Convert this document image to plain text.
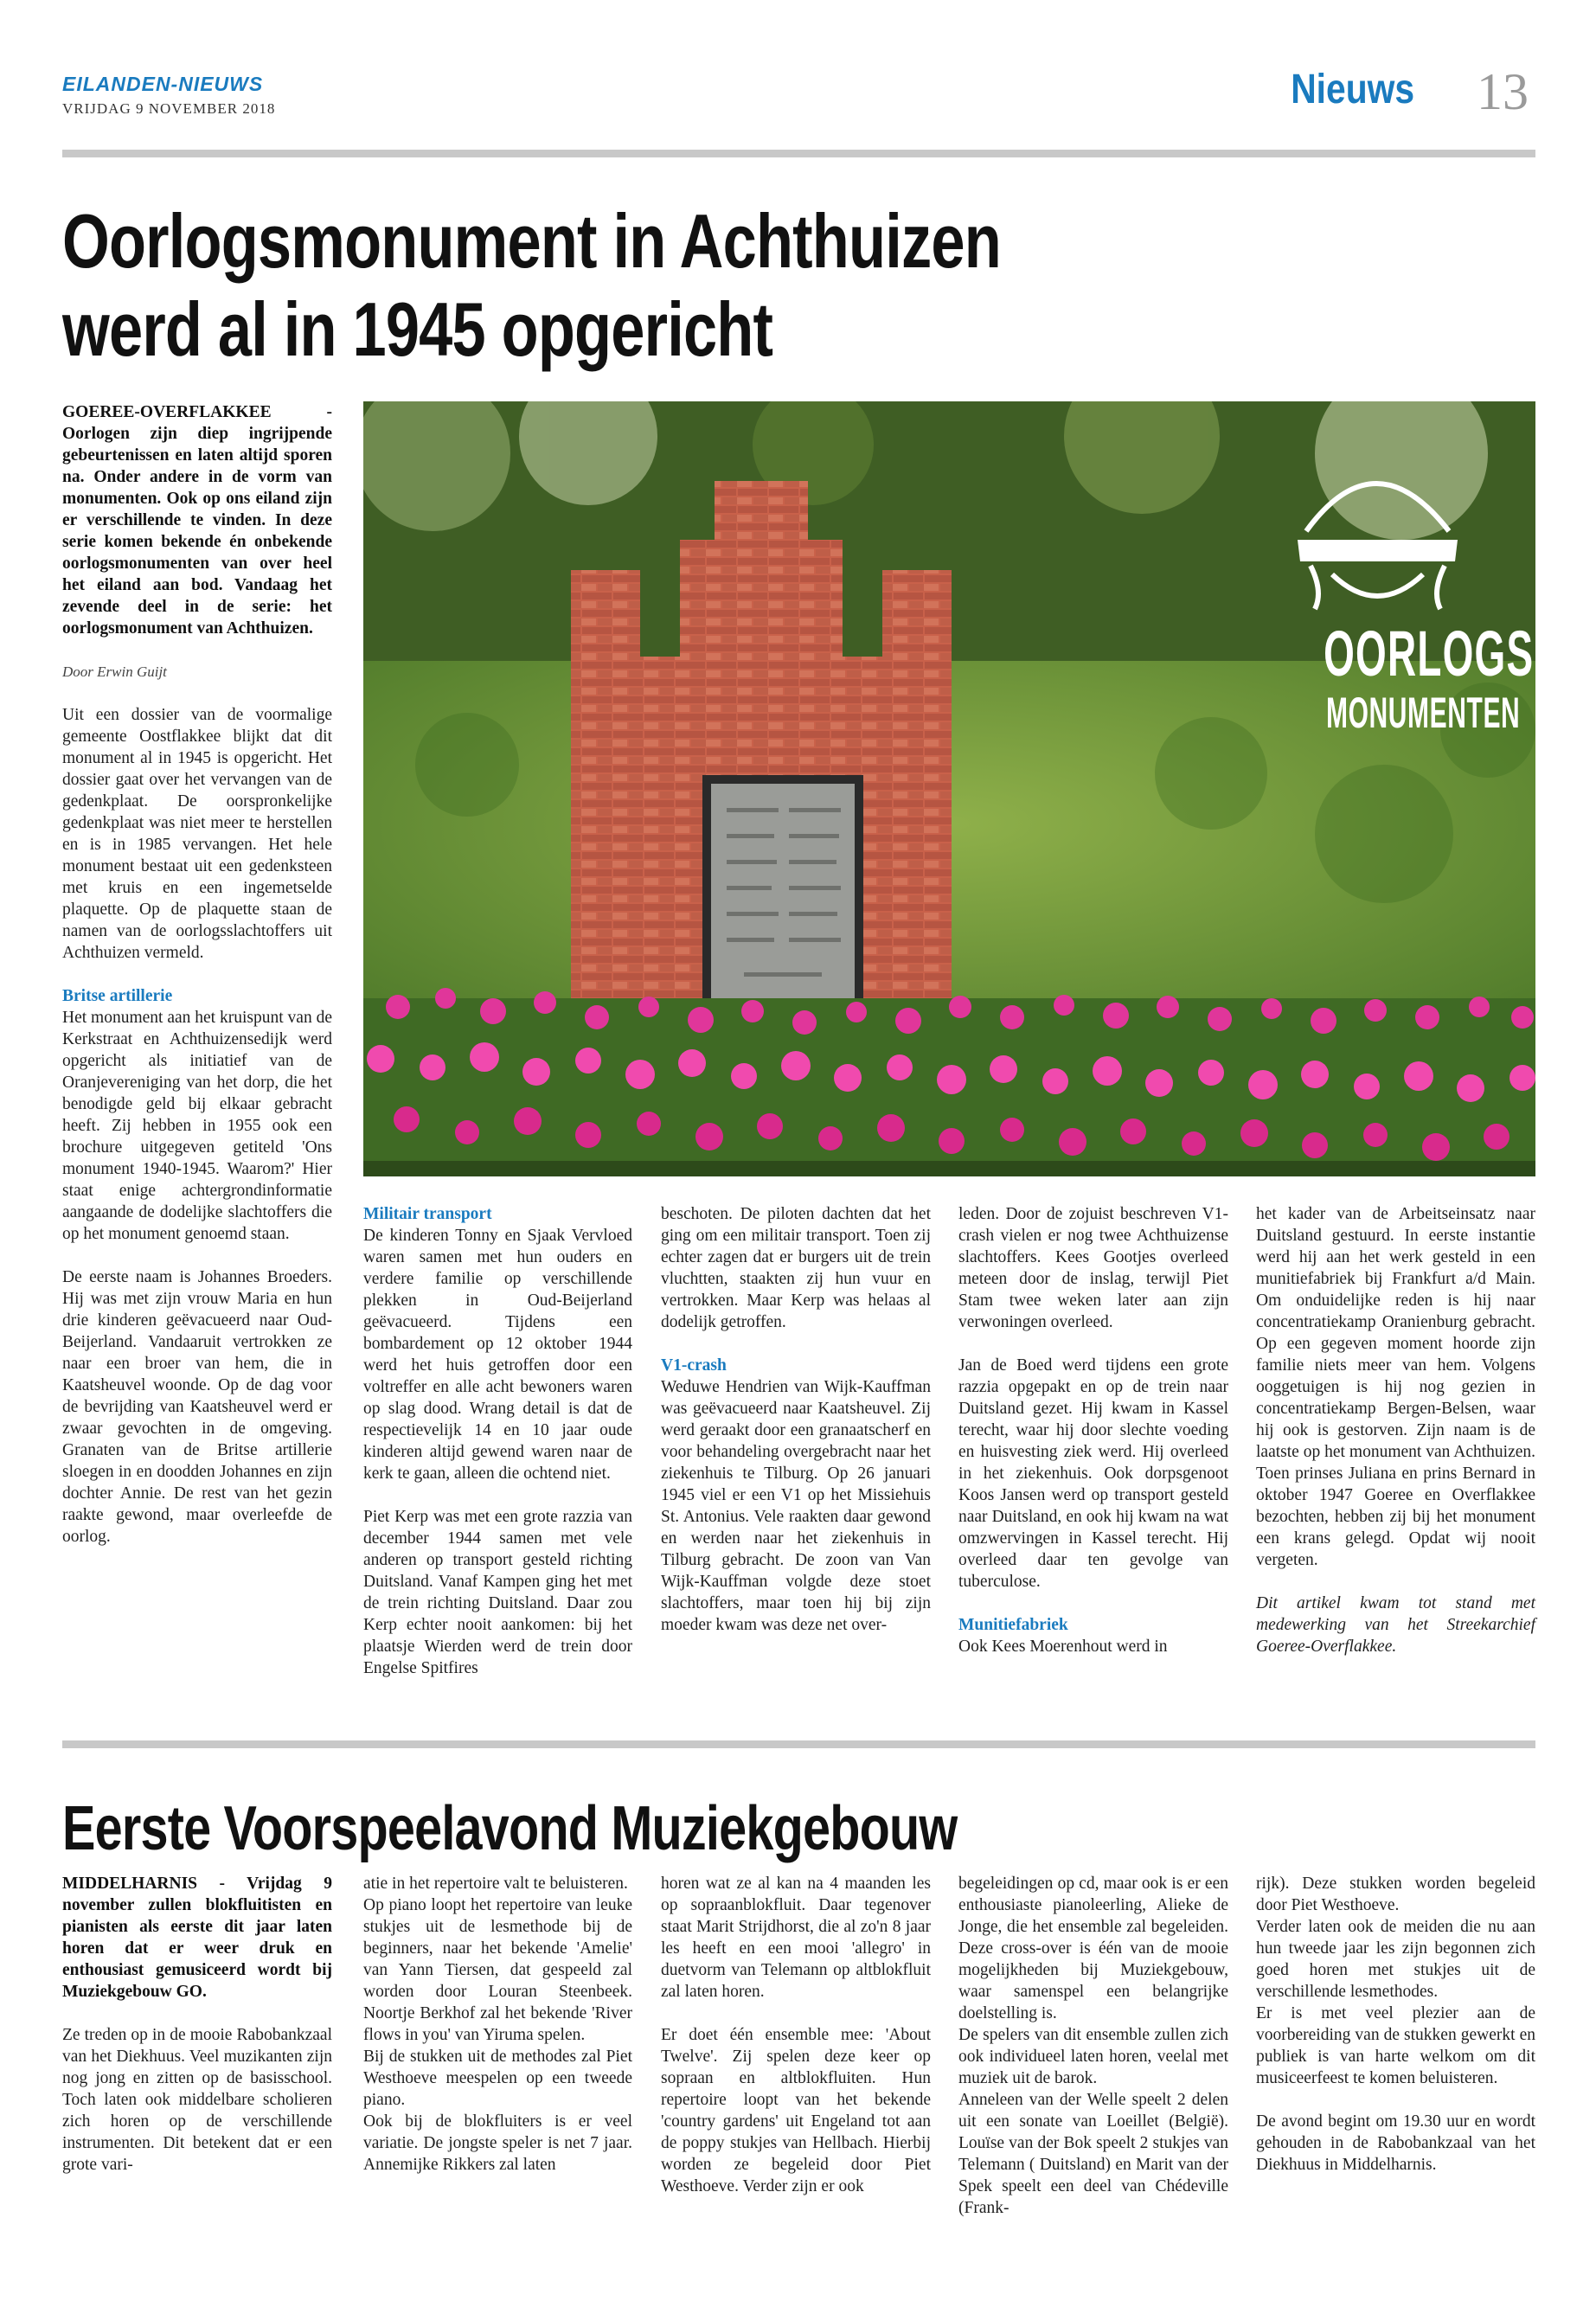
EILANDEN-NIEUWS
VRIJDAG 9 NOVEMBER 2018	Nieuws 13
Oorlogsmonument in Achthuizen
werd al in 1945 opgericht

GOEREE-OVERFLAKKEE - Oorlogen zijn diep ingrijpende gebeurtenissen en laten altijd sporen na. Onder andere in de vorm van monumenten. Ook op ons eiland zijn er verschillende te vinden. In deze serie komen bekende én onbekende oorlogsmonumenten van over heel het eiland aan bod. Vandaag het zevende deel in de serie: het oorlogsmonument van Achthuizen.

Door Erwin Guijt

Uit een dossier van de voormalige gemeente Oostflakkee blijkt dat dit monument al in 1945 is opgericht. Het dossier gaat over het vervangen van de gedenkplaat. De oorspronkelijke gedenkplaat was niet meer te herstellen en is in 1985 vervangen. Het hele monument bestaat uit een gedenksteen met kruis en een ingemetselde plaquette. Op de plaquette staan de namen van de oorlogsslachtoffers uit Achthuizen vermeld.

Britse artillerie

Het monument aan het kruispunt van de Kerkstraat en Achthuizensedijk werd opgericht als initiatief van de Oranjevereniging van het dorp, die het benodigde geld bij elkaar gebracht heeft. Zij hebben in 1955 ook een brochure uitgegeven getiteld 'Ons monument 1940-1945. Waarom?' Hier staat enige achtergrondinformatie aangaande de dodelijke slachtoffers die op het monument genoemd staan.

De eerste naam is Johannes Broeders. Hij was met zijn vrouw Maria en hun drie kinderen geëvacueerd naar Oud-Beijerland. Vandaaruit vertrokken ze naar een broer van hem, die in Kaatsheuvel woonde. Op de dag voor de bevrijding van Kaatsheuvel werd er zwaar gevochten in de omgeving. Granaten van de Britse artillerie sloegen in en doodden Johannes en zijn dochter Annie. De rest van het gezin raakte gewond, maar overleefde de oorlog.

OORLOGS
MONUMENTEN
Militair transport

De kinderen Tonny en Sjaak Vervloed waren samen met hun ouders en verdere familie op verschillende plekken in Oud-Beijerland geëvacueerd. Tijdens een bombardement op 12 oktober 1944 werd het huis getroffen door een voltreffer en alle acht bewoners waren op slag dood. Wrang detail is dat de respectievelijk 14 en 10 jaar oude kinderen altijd gewend waren naar de kerk te gaan, alleen die ochtend niet.

Piet Kerp was met een grote razzia van december 1944 samen met vele anderen op transport gesteld richting Duitsland. Vanaf Kampen ging het met de trein richting Duitsland. Daar zou Kerp echter nooit aankomen: bij het plaatsje Wierden werd de trein door Engelse Spitfires

beschoten. De piloten dachten dat het ging om een militair transport. Toen zij echter zagen dat er burgers uit de trein vluchtten, staakten zij hun vuur en vertrokken. Maar Kerp was helaas al dodelijk getroffen.

V1-crash

Weduwe Hendrien van Wijk-Kauffman was geëvacueerd naar Kaatsheuvel. Zij werd geraakt door een granaatscherf en voor behandeling overgebracht naar het ziekenhuis te Tilburg. Op 26 januari 1945 viel er een V1 op het Missiehuis St. Antonius. Vele raakten daar gewond en werden naar het ziekenhuis in Tilburg gebracht. De zoon van Van Wijk-Kauffman volgde deze stoet slachtoffers, maar toen hij bij zijn moeder kwam was deze net over-

leden. Door de zojuist beschreven V1-crash vielen er nog twee Achthuizense slachtoffers. Kees Gootjes overleed meteen door de inslag, terwijl Piet Stam twee weken later aan zijn verwoningen overleed.

Jan de Boed werd tijdens een grote razzia opgepakt en op de trein naar Duitsland gezet. Hij kwam in Kassel terecht, waar hij door slechte voeding en huisvesting ziek werd. Hij overleed in het ziekenhuis. Ook dorpsgenoot Koos Jansen werd op transport gesteld naar Duitsland, en ook hij kwam na wat omzwervingen in Kassel terecht. Hij overleed daar ten gevolge van tuberculose.

Munitiefabriek

Ook Kees Moerenhout werd in

het kader van de Arbeitseinsatz naar Duitsland gestuurd. In eerste instantie werd hij aan het werk gesteld in een munitiefabriek bij Frankfurt a/d Main. Om onduidelijke reden is hij naar concentratiekamp Oranienburg gebracht. Op een gegeven moment hoorde zijn familie niets meer van hem. Volgens ooggetuigen is hij nog gezien in concentratiekamp Bergen-Belsen, waar hij ook is gestorven. Zijn naam is de laatste op het monument van Achthuizen. Toen prinses Juliana en prins Bernard in oktober 1947 Goeree en Overflakkee bezochten, hebben zij bij het monument een krans gelegd. Opdat wij nooit vergeten.

Dit artikel kwam tot stand met medewerking van het Streekarchief Goeree-Overflakkee.

Eerste Voorspeelavond Muziekgebouw

MIDDELHARNIS - Vrijdag 9 november zullen blokfluitisten en pianisten als eerste dit jaar laten horen dat er weer druk en enthousiast gemusiceerd wordt bij Muziekgebouw GO.

Ze treden op in de mooie Rabobankzaal van het Diekhuus. Veel muzikanten zijn nog jong en zitten op de basisschool. Toch laten ook middelbare scholieren zich horen op de verschillende instrumenten. Dit betekent dat er een grote vari-

atie in het repertoire valt te beluisteren.

Op piano loopt het repertoire van leuke stukjes uit de lesmethode bij de beginners, naar het bekende 'Amelie' van Yann Tiersen, dat gespeeld zal worden door Louran Steenbeek. Noortje Berkhof zal het bekende 'River flows in you' van Yiruma spelen.

Bij de stukken uit de methodes zal Piet Westhoeve meespelen op een tweede piano.

Ook bij de blokfluiters is er veel variatie. De jongste speler is net 7 jaar. Annemijke Rikkers zal laten

horen wat ze al kan na 4 maanden les op sopraanblokfluit. Daar tegenover staat Marit Strijdhorst, die al zo'n 8 jaar les heeft en een mooi 'allegro' in duetvorm van Telemann op altblokfluit zal laten horen.

Er doet één ensemble mee: 'About Twelve'. Zij spelen deze keer op sopraan en altblokfluiten. Hun repertoire loopt van het bekende 'country gardens' uit Engeland tot aan de poppy stukjes van Hellbach. Hierbij worden ze begeleid door Piet Westhoeve. Verder zijn er ook

begeleidingen op cd, maar ook is er een enthousiaste pianoleerling, Alieke de Jonge, die het ensemble zal begeleiden. Deze cross-over is één van de mooie mogelijkheden bij Muziekgebouw, waar samenspel een belangrijke doelstelling is.

De spelers van dit ensemble zullen zich ook individueel laten horen, veelal met muziek uit de barok.

Anneleen van der Welle speelt 2 delen uit een sonate van Loeillet (België). Louïse van der Bok speelt 2 stukjes van Telemann ( Duitsland) en Marit van der Spek speelt een deel van Chédeville (Frank-

rijk). Deze stukken worden begeleid door Piet Westhoeve.

Verder laten ook de meiden die nu aan hun tweede jaar les zijn begonnen zich goed horen met stukjes uit de verschillende lesmethodes.

Er is met veel plezier aan de voorbereiding van de stukken gewerkt en publiek is van harte welkom om dit musiceerfeest te komen beluisteren.

De avond begint om 19.30 uur en wordt gehouden in de Rabobankzaal van het Diekhuus in Middelharnis.
